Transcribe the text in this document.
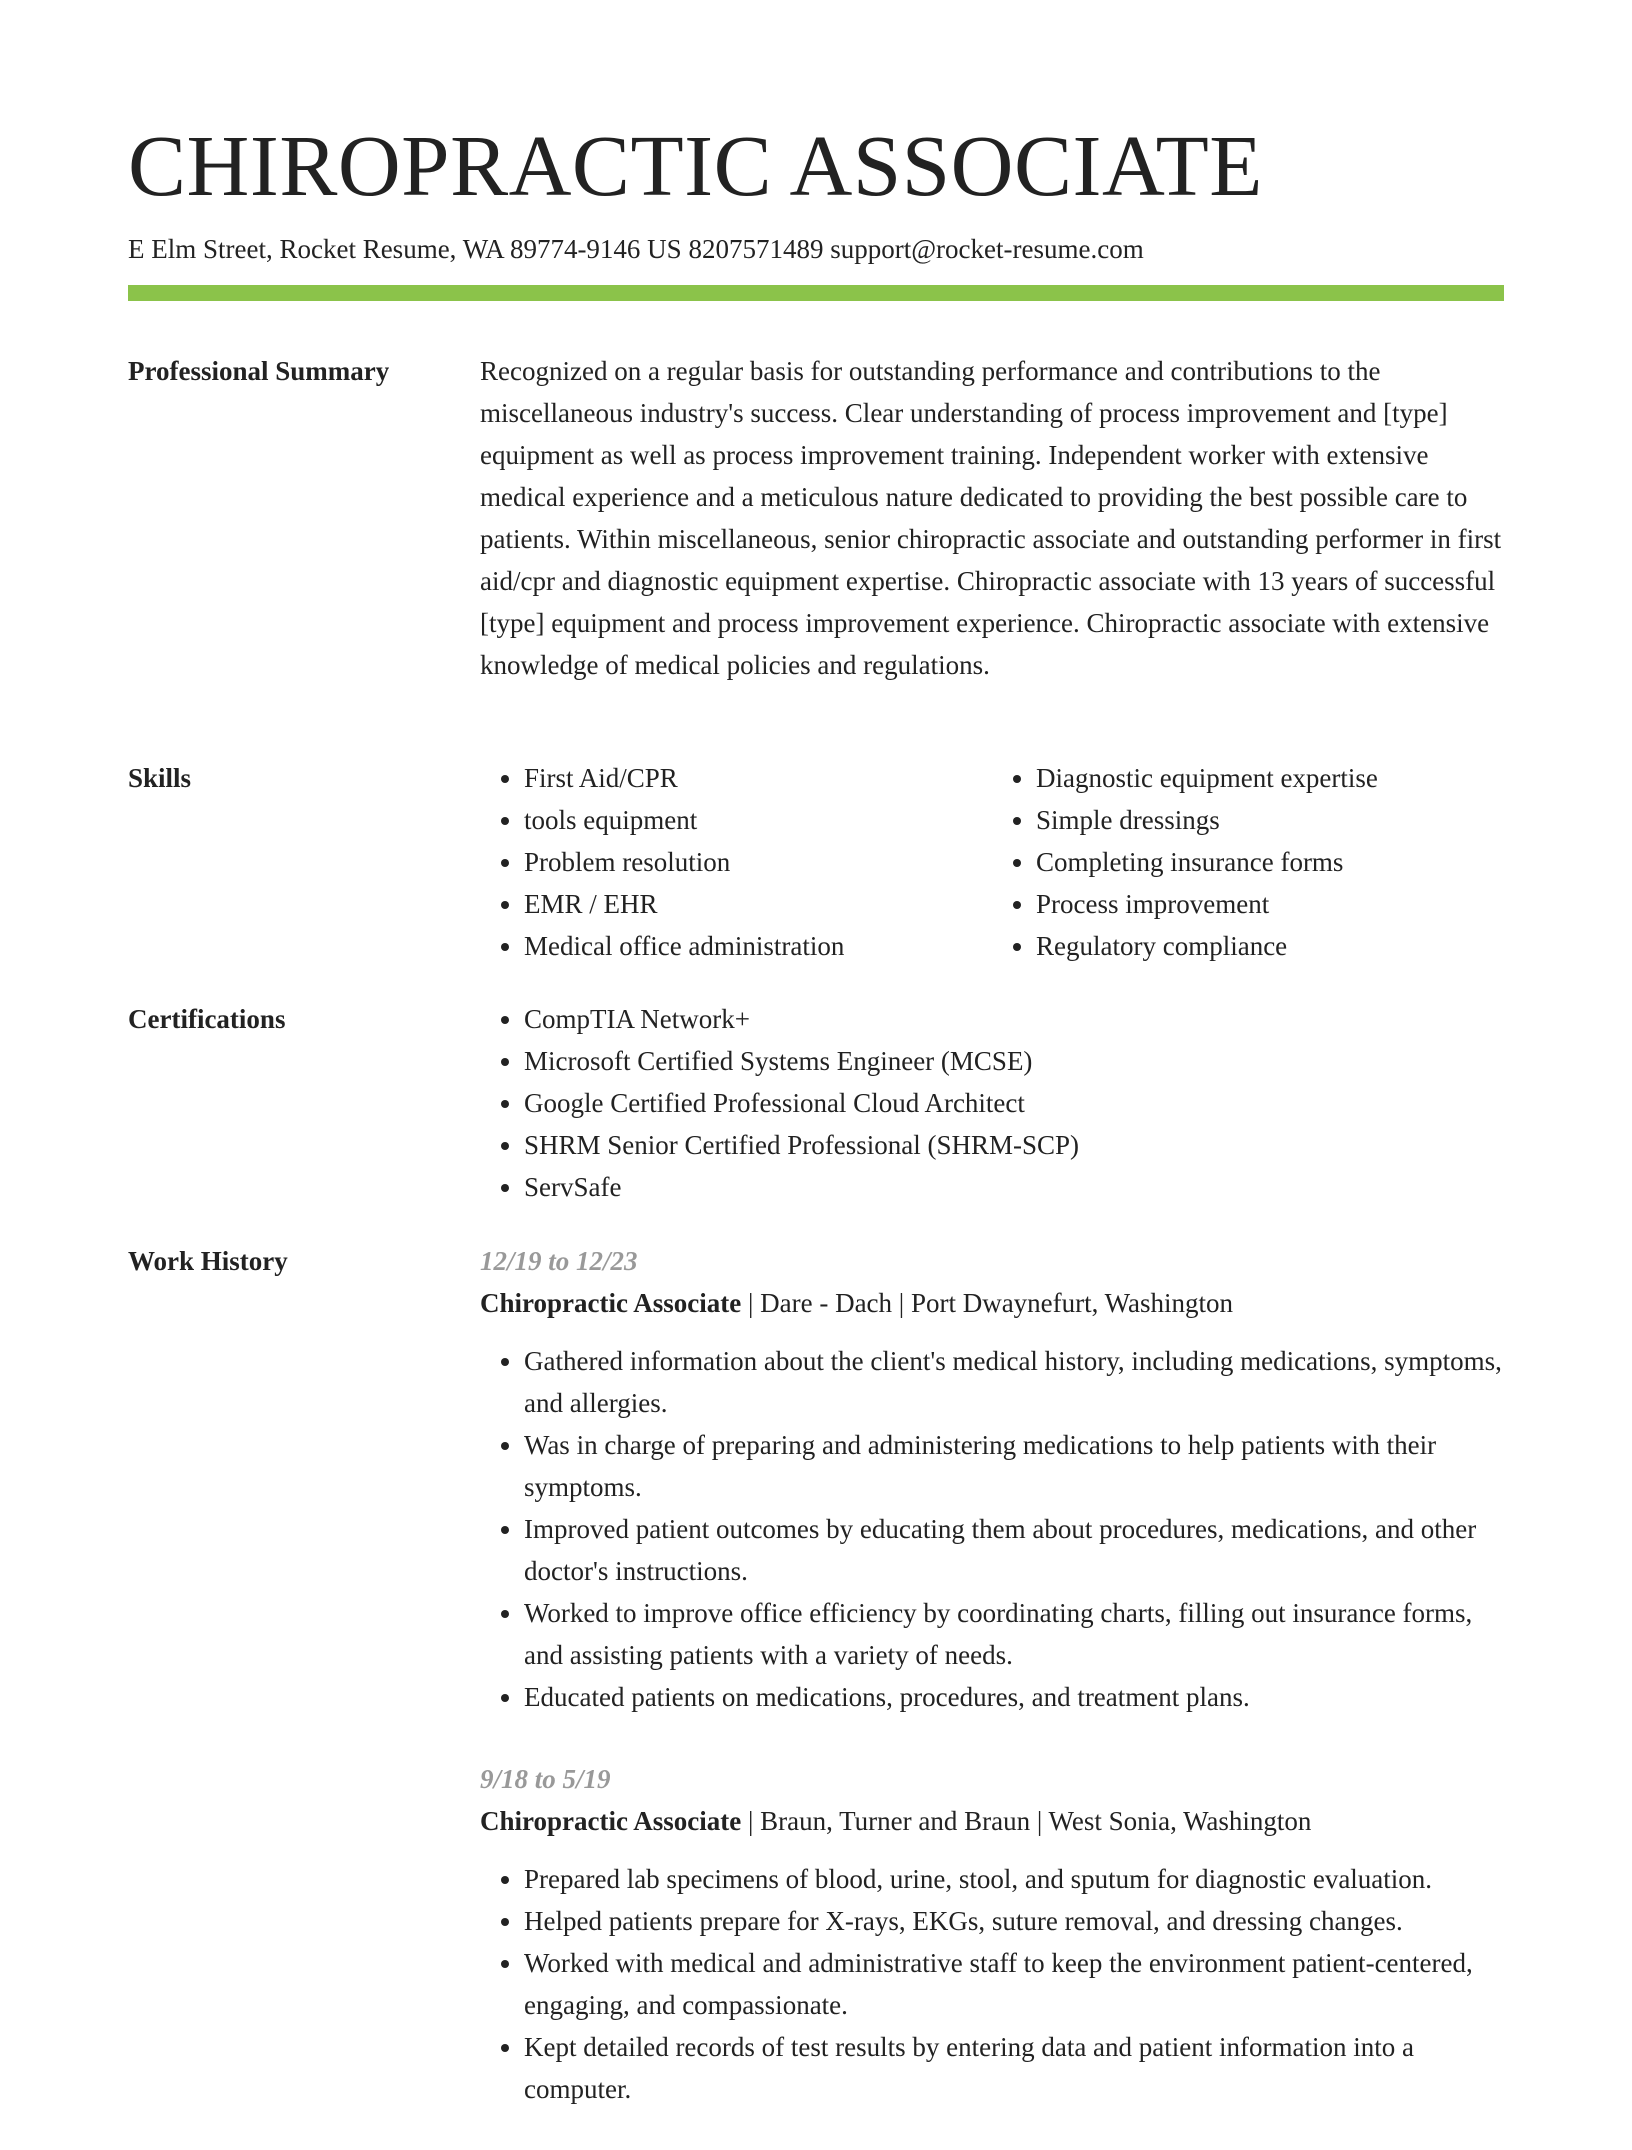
CHIROPRACTIC ASSOCIATE
E Elm Street, Rocket Resume, WA 89774-9146 US 8207571489 support@rocket-resume.com
Professional Summary	Recognized on a regular basis for outstanding performance and contributions to the miscellaneous industry's success. Clear understanding of process improvement and [type] equipment as well as process improvement training. Independent worker with extensive medical experience and a meticulous nature dedicated to providing the best possible care to patients. Within miscellaneous, senior chiropractic associate and outstanding performer in first aid/cpr and diagnostic equipment expertise. Chiropractic associate with 13 years of successful [type] equipment and process improvement experience. Chiropractic associate with extensive knowledge of medical policies and regulations.

Skills	• First Aid/CPR
• tools equipment
• Problem resolution
• EMR / EHR
• Medical office administration
• Diagnostic equipment expertise
• Simple dressings
• Completing insurance forms
• Process improvement
• Regulatory compliance
Certifications	• CompTIA Network+
• Microsoft Certified Systems Engineer (MCSE)
• Google Certified Professional Cloud Architect
• SHRM Senior Certified Professional (SHRM-SCP)
• ServSafe
Work History	12/19 to 12/23
Chiropractic Associate | Dare - Dach | Port Dwaynefurt, Washington
• Gathered information about the client's medical history, including medications, symptoms, and allergies.
• Was in charge of preparing and administering medications to help patients with their symptoms.
• Improved patient outcomes by educating them about procedures, medications, and other doctor's instructions.
• Worked to improve office efficiency by coordinating charts, filling out insurance forms, and assisting patients with a variety of needs.
• Educated patients on medications, procedures, and treatment plans.
9/18 to 5/19
Chiropractic Associate | Braun, Turner and Braun | West Sonia, Washington
• Prepared lab specimens of blood, urine, stool, and sputum for diagnostic evaluation.
• Helped patients prepare for X-rays, EKGs, suture removal, and dressing changes.
• Worked with medical and administrative staff to keep the environment patient-centered, engaging, and compassionate.
• Kept detailed records of test results by entering data and patient information into a computer.
